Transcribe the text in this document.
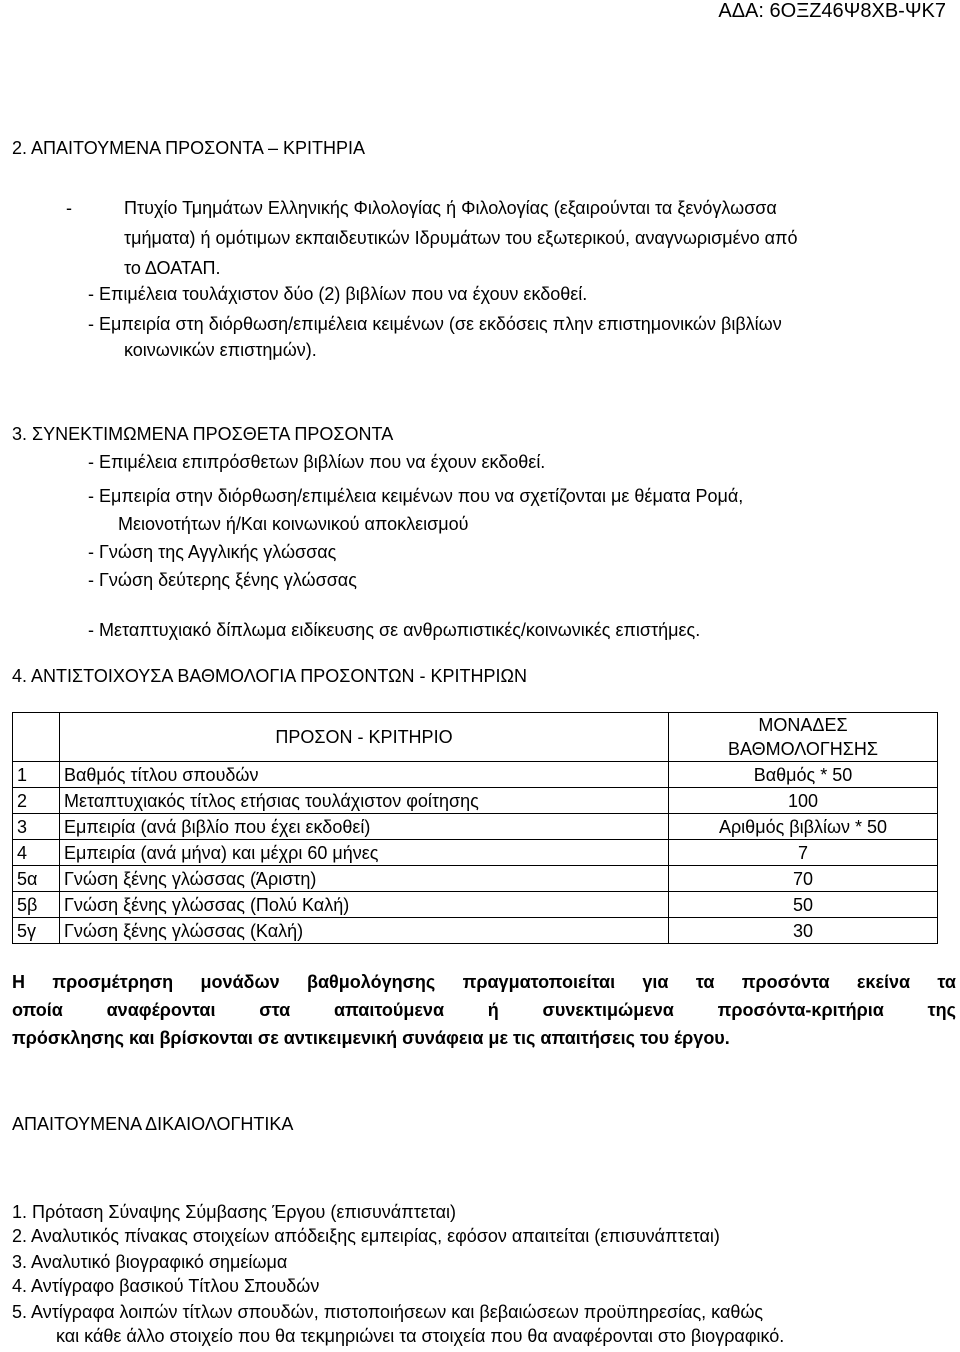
ΑΔΑ: 6ΟΞΖ46Ψ8ΧΒ-ΨΚ7
2. ΑΠΑΙΤΟΥΜΕΝΑ ΠΡΟΣΟΝΤΑ – ΚΡΙΤΗΡΙΑ
-	Πτυχίο Τμημάτων Ελληνικής Φιλολογίας ή Φιλολογίας (εξαιρούνται τα ξενόγλωσσα
τμήματα) ή ομότιμων εκπαιδευτικών Ιδρυμάτων του εξωτερικού, αναγνωρισμένο από
το ΔΟΑΤΑΠ.
- Επιμέλεια τουλάχιστον δύο (2) βιβλίων που να έχουν εκδοθεί.
- Εμπειρία στη διόρθωση/επιμέλεια κειμένων (σε εκδόσεις πλην επιστημονικών βιβλίων
κοινωνικών επιστημών).
3. ΣΥΝΕΚΤΙΜΩΜΕΝΑ ΠΡΟΣΘΕΤΑ ΠΡΟΣΟΝΤΑ
- Επιμέλεια επιπρόσθετων βιβλίων που να έχουν εκδοθεί.
- Εμπειρία στην διόρθωση/επιμέλεια κειμένων που να σχετίζονται με θέματα Ρομά,
Μειονοτήτων ή/Και κοινωνικού αποκλεισμού
- Γνώση της Αγγλικής γλώσσας
- Γνώση δεύτερης ξένης γλώσσας
- Μεταπτυχιακό δίπλωμα ειδίκευσης σε ανθρωπιστικές/κοινωνικές επιστήμες.
4. ΑΝΤΙΣΤΟΙΧΟΥΣΑ ΒΑΘΜΟΛΟΓΙΑ ΠΡΟΣΟΝΤΩΝ - ΚΡΙΤΗΡΙΩΝ
	ΠΡΟΣΟΝ - ΚΡΙΤΗΡΙΟ	ΜΟΝΑΔΕΣ
ΒΑΘΜΟΛΟΓΗΣΗΣ

1	Βαθμός τίτλου σπουδών	Βαθμός * 50
2	Μεταπτυχιακός τίτλος ετήσιας τουλάχιστον φοίτησης	100
3	Εμπειρία (ανά βιβλίο που έχει εκδοθεί)	Αριθμός βιβλίων * 50
4	Εμπειρία (ανά μήνα) και μέχρι 60 μήνες	7
5α	Γνώση ξένης γλώσσας (Άριστη)	70
5β	Γνώση ξένης γλώσσας (Πολύ Καλή)	50
5γ	Γνώση ξένης γλώσσας (Καλή)	30
Η προσμέτρηση μονάδων βαθμολόγησης πραγματοποιείται για τα προσόντα εκείνα τα
οποία αναφέρονται στα απαιτούμενα ή συνεκτιμώμενα προσόντα-κριτήρια της
πρόσκλησης και βρίσκονται σε αντικειμενική συνάφεια με τις απαιτήσεις του έργου.
ΑΠΑΙΤΟΥΜΕΝΑ ΔΙΚΑΙΟΛΟΓΗΤΙΚΑ
1. Πρόταση Σύναψης Σύμβασης Έργου (επισυνάπτεται)
2. Αναλυτικός πίνακας στοιχείων απόδειξης εμπειρίας, εφόσον απαιτείται (επισυνάπτεται)
3. Αναλυτικό βιογραφικό σημείωμα
4. Αντίγραφο βασικού Τίτλου Σπουδών
5. Αντίγραφα λοιπών τίτλων σπουδών, πιστοποιήσεων και βεβαιώσεων προϋπηρεσίας, καθώς
και κάθε άλλο στοιχείο που θα τεκμηριώνει τα στοιχεία που θα αναφέρονται στο βιογραφικό.
